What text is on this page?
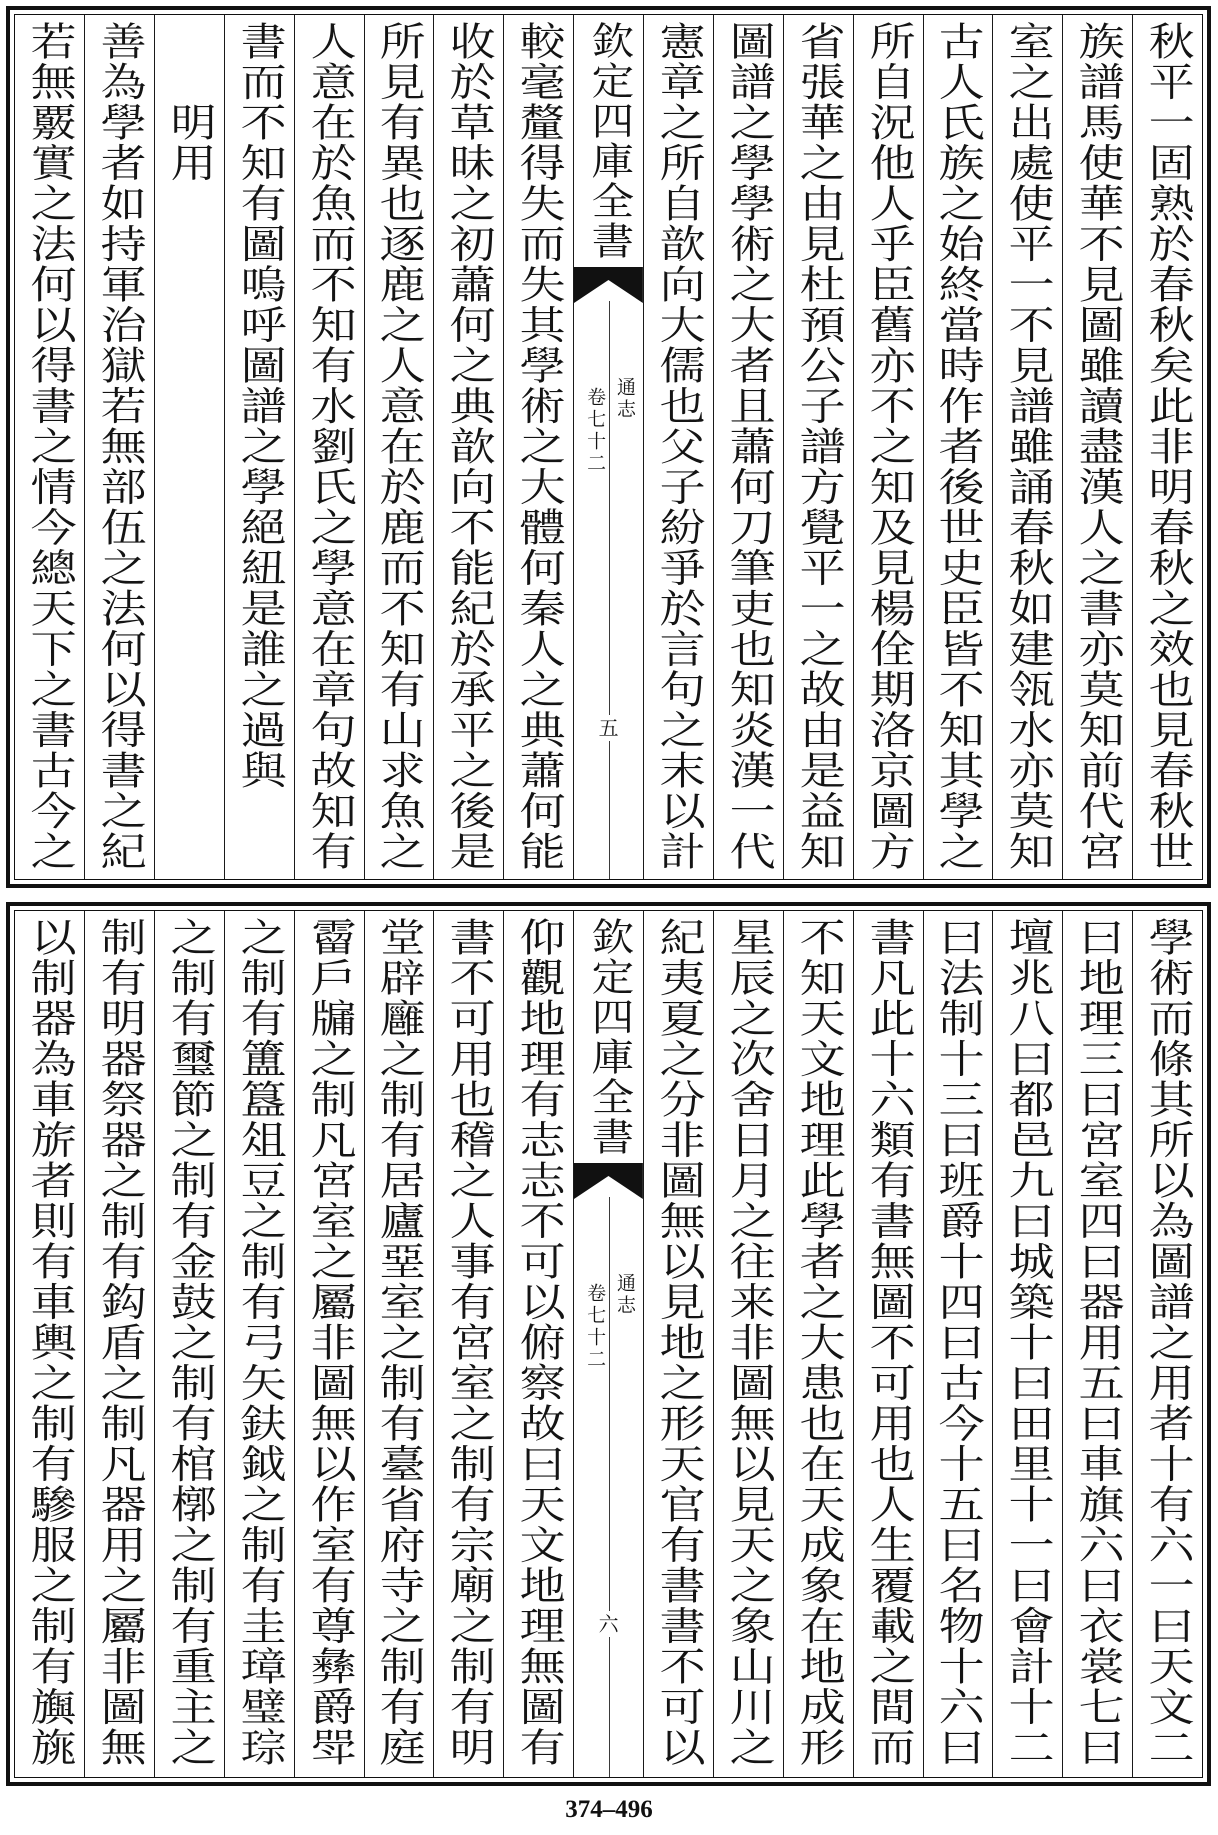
秋平一固熟於春秋矣此非明春秋之效也見春秋世
族譜馬使華不見圖雖讀盡漢人之書亦莫知前代宮
室之出處使平一不見譜雖誦春秋如建瓴水亦莫知
古人氏族之始終當時作者後世史臣皆不知其學之
所自況他人乎臣舊亦不之知及見楊佺期洛京圖方
省張華之由見杜預公子譜方覺平一之故由是益知
圖譜之學學術之大者且蕭何刀筆吏也知炎漢一代
憲章之所自歆向大儒也父子紛爭於言句之末以計
欽定四庫全書
通志
卷七十二
五
較毫釐得失而失其學術之大體何秦人之典蕭何能
收於草昧之初蕭何之典歆向不能紀於承平之後是
所見有異也逐鹿之人意在於鹿而不知有山求魚之
人意在於魚而不知有水劉氏之學意在章句故知有
書而不知有圖嗚呼圖譜之學絕紐是誰之過與
明用
善為學者如持軍治獄若無部伍之法何以得書之紀
若無覈實之法何以得書之情今總天下之書古今之
學術而條其所以為圖譜之用者十有六一曰天文二
曰地理三曰宮室四曰器用五曰車旗六曰衣裳七曰
壇兆八曰都邑九曰城築十曰田里十一曰會計十二
曰法制十三曰班爵十四曰古今十五曰名物十六曰
書凡此十六類有書無圖不可用也人生覆載之間而
不知天文地理此學者之大患也在天成象在地成形
星辰之次舍日月之往来非圖無以見天之象山川之
紀夷夏之分非圖無以見地之形天官有書書不可以
欽定四庫全書
通志
卷七十二
六
仰觀地理有志志不可以俯察故曰天文地理無圖有
書不可用也稽之人事有宮室之制有宗廟之制有明
堂辟廱之制有居廬堊室之制有臺省府寺之制有庭
霤戶牖之制凡宮室之屬非圖無以作室有尊彝爵斝
之制有簠簋俎豆之制有弓矢鈇鉞之制有圭璋璧琮
之制有璽節之制有金鼓之制有棺槨之制有重主之
制有明器祭器之制有鈎盾之制凡器用之屬非圖無
以制器為車旂者則有車輿之制有驂服之制有旟旐
374–496
